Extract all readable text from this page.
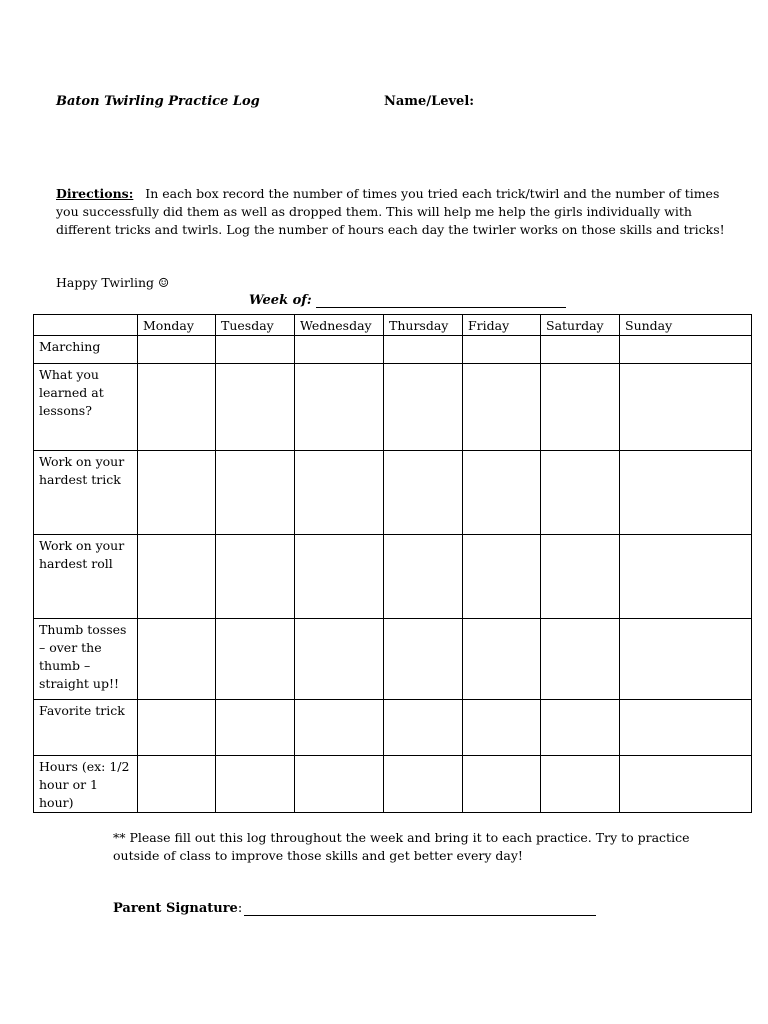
Baton Twirling Practice Log	Name/Level:
Directions: In each box record the number of times you tried each trick/twirl and the number of times you successfully did them as well as dropped them. This will help me help the girls individually with different tricks and twirls. Log the number of hours each day the twirler works on those skills and tricks!
Happy Twirling ☺
Week of:
	Monday	Tuesday	Wednesday	Thursday	Friday	Saturday	Sunday
Marching							
What you learned at lessons?							
Work on your hardest trick							
Work on your hardest roll							
Thumb tosses – over the thumb – straight up!!							
Favorite trick							
Hours (ex: 1/2 hour or 1 hour)							
** Please fill out this log throughout the week and bring it to each practice. Try to practice outside of class to improve those skills and get better every day!
Parent Signature :
